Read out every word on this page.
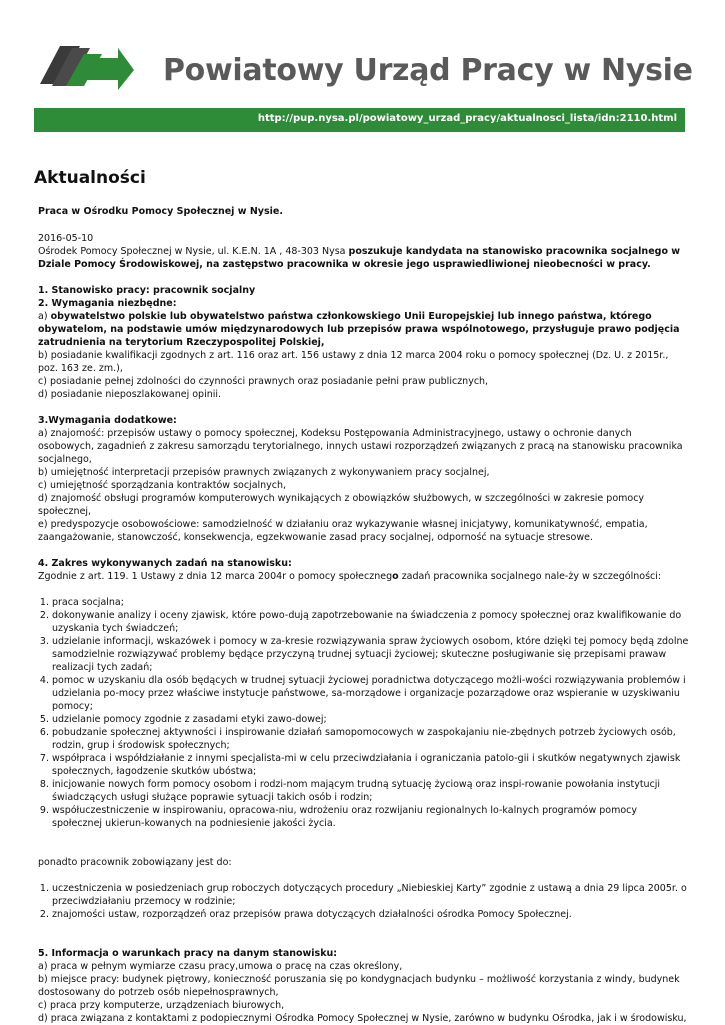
Powiatowy Urząd Pracy w Nysie
http://pup.nysa.pl/powiatowy_urzad_pracy/aktualnosci_lista/idn:2110.html
Aktualności

Praca w Ośrodku Pomocy Społecznej w Nysie.

2016-05-10

Ośrodek Pomocy Społecznej w Nysie, ul. K.E.N. 1A , 48-303 Nysa poszukuje kandydata na stanowisko pracownika socjalnego w Dziale Pomocy Środowiskowej, na zastępstwo pracownika w okresie jego usprawiedliwionej nieobecności w pracy.

1. Stanowisko pracy: pracownik socjalny

2. Wymagania niezbędne:

a) obywatelstwo polskie lub obywatelstwo państwa członkowskiego Unii Europejskiej lub innego państwa, którego obywatelom, na podstawie umów międzynarodowych lub przepisów prawa wspólnotowego, przysługuje prawo podjęcia zatrudnienia na terytorium Rzeczypospolitej Polskiej,

b) posiadanie kwalifikacji zgodnych z art. 116 oraz art. 156 ustawy z dnia 12 marca 2004 roku o pomocy społecznej (Dz. U. z 2015r., poz. 163 ze. zm.),

c) posiadanie pełnej zdolności do czynności prawnych oraz posiadanie pełni praw publicznych,

d) posiadanie nieposzlakowanej opinii.

3.Wymagania dodatkowe:

a) znajomość: przepisów ustawy o pomocy społecznej, Kodeksu Postępowania Administracyjnego, ustawy o ochronie danych osobowych, zagadnień z zakresu samorządu terytorialnego, innych ustawi rozporządzeń związanych z pracą na stanowisku pracownika socjalnego,

b) umiejętność interpretacji przepisów prawnych związanych z wykonywaniem pracy socjalnej,

c) umiejętność sporządzania kontraktów socjalnych,

d) znajomość obsługi programów komputerowych wynikających z obowiązków służbowych, w szczególności w zakresie pomocy społecznej,

e) predyspozycje osobowościowe: samodzielność w działaniu oraz wykazywanie własnej inicjatywy, komunikatywność, empatia, zaangażowanie, stanowczość, konsekwencja, egzekwowanie zasad pracy socjalnej, odporność na sytuacje stresowe.

4. Zakres wykonywanych zadań na stanowisku:

Zgodnie z art. 119. 1 Ustawy z dnia 12 marca 2004r o pomocy społecznego zadań pracownika socjalnego nale-ży w szczególności:

1. praca socjalna;
2. dokonywanie analizy i oceny zjawisk, które powo-dują zapotrzebowanie na świadczenia z pomocy społecznej oraz kwalifikowanie do uzyskania tych świadczeń;
3. udzielanie informacji, wskazówek i pomocy w za-kresie rozwiązywania spraw życiowych osobom, które dzięki tej pomocy będą zdolne samodzielnie rozwiązywać problemy będące przyczyną trudnej sytuacji życiowej; skuteczne posługiwanie się przepisami prawaw realizacji tych zadań;
4. pomoc w uzyskaniu dla osób będących w trudnej sytuacji życiowej poradnictwa dotyczącego możli-wości rozwiązywania problemów i udzielania po-mocy przez właściwe instytucje państwowe, sa-morządowe i organizacje pozarządowe oraz wspieranie w uzyskiwaniu pomocy;
5. udzielanie pomocy zgodnie z zasadami etyki zawo-dowej;
6. pobudzanie społecznej aktywności i inspirowanie działań samopomocowych w zaspokajaniu nie-zbędnych potrzeb życiowych osób, rodzin, grup i środowisk społecznych;
7. współpraca i współdziałanie z innymi specjalista-mi w celu przeciwdziałania i ograniczania patolo-gii i skutków negatywnych zjawisk społecznych, łagodzenie skutków ubóstwa;
8. inicjowanie nowych form pomocy osobom i rodzi-nom mającym trudną sytuację życiową oraz inspi-rowanie powołania instytucji świadczących usługi służące poprawie sytuacji takich osób i rodzin;
9. współuczestniczenie w inspirowaniu, opracowa-niu, wdrożeniu oraz rozwijaniu regionalnych lo-kalnych programów pomocy społecznej ukierun-kowanych na podniesienie jakości życia.

ponadto pracownik zobowiązany jest do:

1. uczestniczenia w posiedzeniach grup roboczych dotyczących procedury „Niebieskiej Karty” zgodnie z ustawą a dnia 29 lipca 2005r. o przeciwdziałaniu przemocy w rodzinie;
2. znajomości ustaw, rozporządzeń oraz przepisów prawa dotyczących działalności ośrodka Pomocy Społecznej.

5. Informacja o warunkach pracy na danym stanowisku:

a) praca w pełnym wymiarze czasu pracy,umowa o pracę na czas określony,

b) miejsce pracy: budynek piętrowy, konieczność poruszania się po kondygnacjach budynku – możliwość korzystania z windy, budynek dostosowany do potrzeb osób niepełnosprawnych,

c) praca przy komputerze, urządzeniach biurowych,

d) praca związana z kontaktami z podopiecznymi Ośrodka Pomocy Społecznej w Nysie, zarówno w budynku Ośrodka, jak i w środowisku,
